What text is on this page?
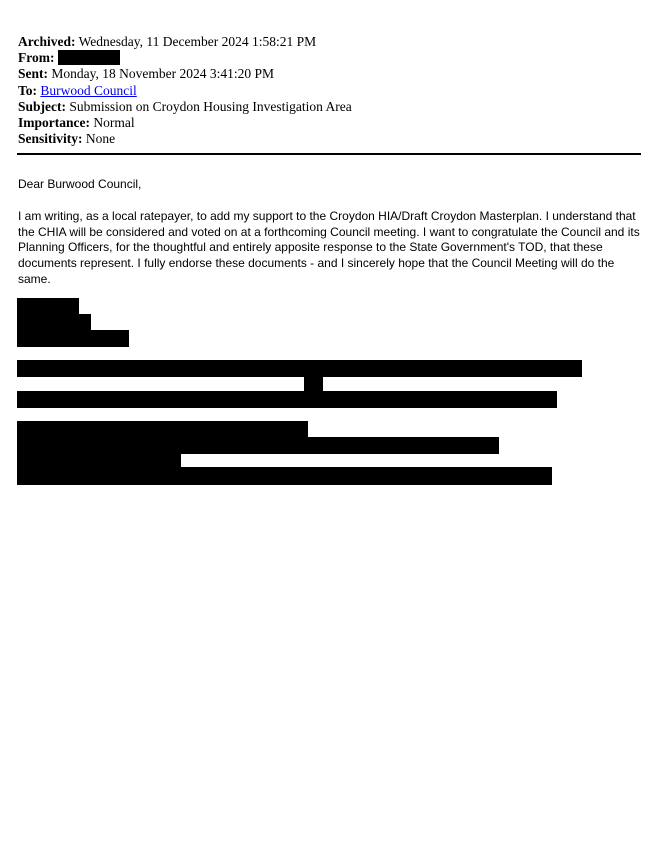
Archived: Wednesday, 11 December 2024 1:58:21 PM
From:
Sent: Monday, 18 November 2024 3:41:20 PM
To: Burwood Council
Subject: Submission on Croydon Housing Investigation Area
Importance: Normal
Sensitivity: None

Dear Burwood Council,

I am writing, as a local ratepayer, to add my support to the Croydon HIA/Draft Croydon Masterplan. I understand that the CHIA will be considered and voted on at a forthcoming Council meeting. I want to congratulate the Council and its Planning Officers, for the thoughtful and entirely apposite response to the State Government's TOD, that these documents represent. I fully endorse these documents - and I sincerely hope that the Council Meeting will do the same.
